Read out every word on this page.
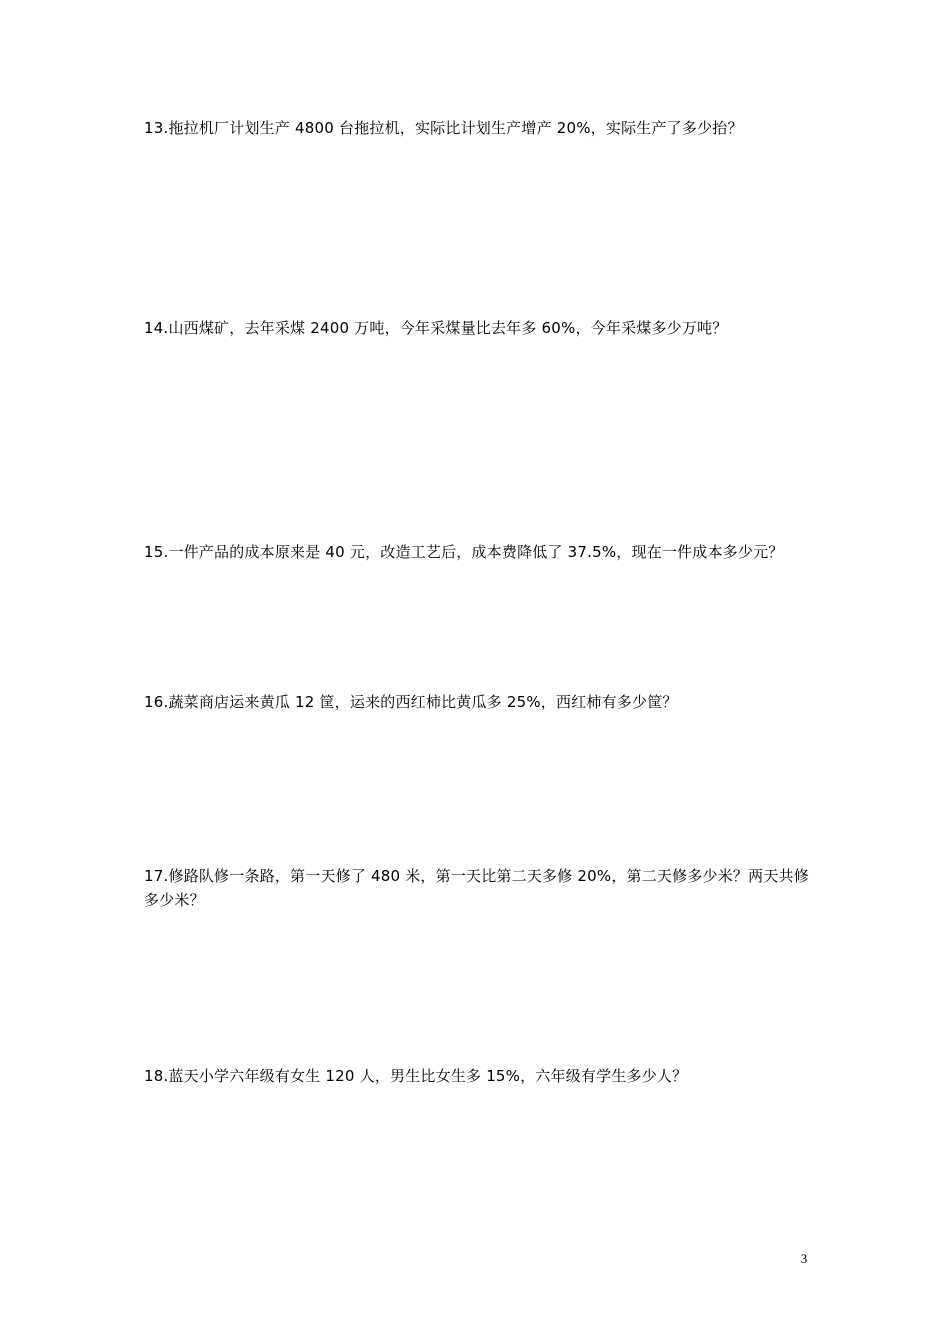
13.拖拉机厂计划生产 4800 台拖拉机，实际比计划生产增产 20%，实际生产了多少抬？

14.山西煤矿，去年采煤 2400 万吨，今年采煤量比去年多 60%，今年采煤多少万吨？

15.一件产品的成本原来是 40 元，改造工艺后，成本费降低了 37.5%，现在一件成本多少元？

16.蔬菜商店运来黄瓜 12 筐，运来的西红柿比黄瓜多 25%，西红柿有多少筐？

17.修路队修一条路，第一天修了 480 米，第一天比第二天多修 20%，第二天修多少米？两天共修多少米？

18.蓝天小学六年级有女生 120 人，男生比女生多 15%，六年级有学生多少人？

3
